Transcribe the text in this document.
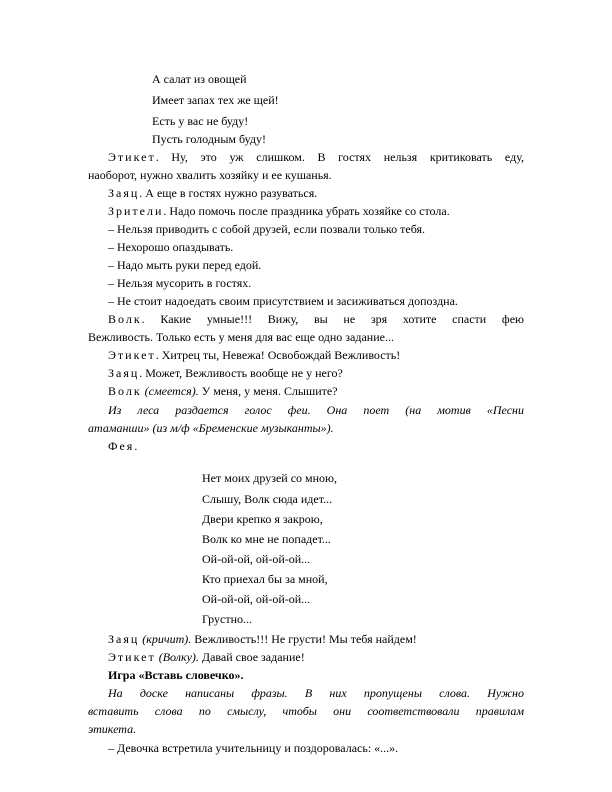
А салат из овощей
Имеет запах тех же щей!
Есть у вас не буду!
Пусть голодным буду!
Этикет. Ну, это уж слишком. В гостях нельзя критиковать еду,
наоборот, нужно хвалить хозяйку и ее кушанья.
Заяц. А еще в гостях нужно разуваться.
Зрители. Надо помочь после праздника убрать хозяйке со стола.
– Нельзя приводить с собой друзей, если позвали только тебя.
– Нехорошо опаздывать.
– Надо мыть руки перед едой.
– Нельзя мусорить в гостях.
– Не стоит надоедать своим присутствием и засиживаться допоздна.
Волк. Какие умные!!! Вижу, вы не зря хотите спасти фею
Вежливость. Только есть у меня для вас еще одно задание...
Этикет. Хитрец ты, Невежа! Освобождай Вежливость!
Заяц. Может, Вежливость вообще не у него?
Волк (смеется). У меня, у меня. Слышите?
Из леса раздается голос феи. Она поет (на мотив «Песни
атаманши» (из м/ф «Бременские музыканты»).
Фея.
Нет моих друзей со мною,
Слышу, Волк сюда идет...
Двери крепко я закрою,
Волк ко мне не попадет...
Ой-ой-ой, ой-ой-ой...
Кто приехал бы за мной,
Ой-ой-ой, ой-ой-ой...
Грустно...
Заяц (кричит). Вежливость!!! Не грусти! Мы тебя найдем!
Этикет (Волку). Давай свое задание!
Игра «Вставь словечко».
На доске написаны фразы. В них пропущены слова. Нужно
вставить слова по смыслу, чтобы они соответствовали правилам
этикета.
– Девочка встретила учительницу и поздоровалась: «...».
